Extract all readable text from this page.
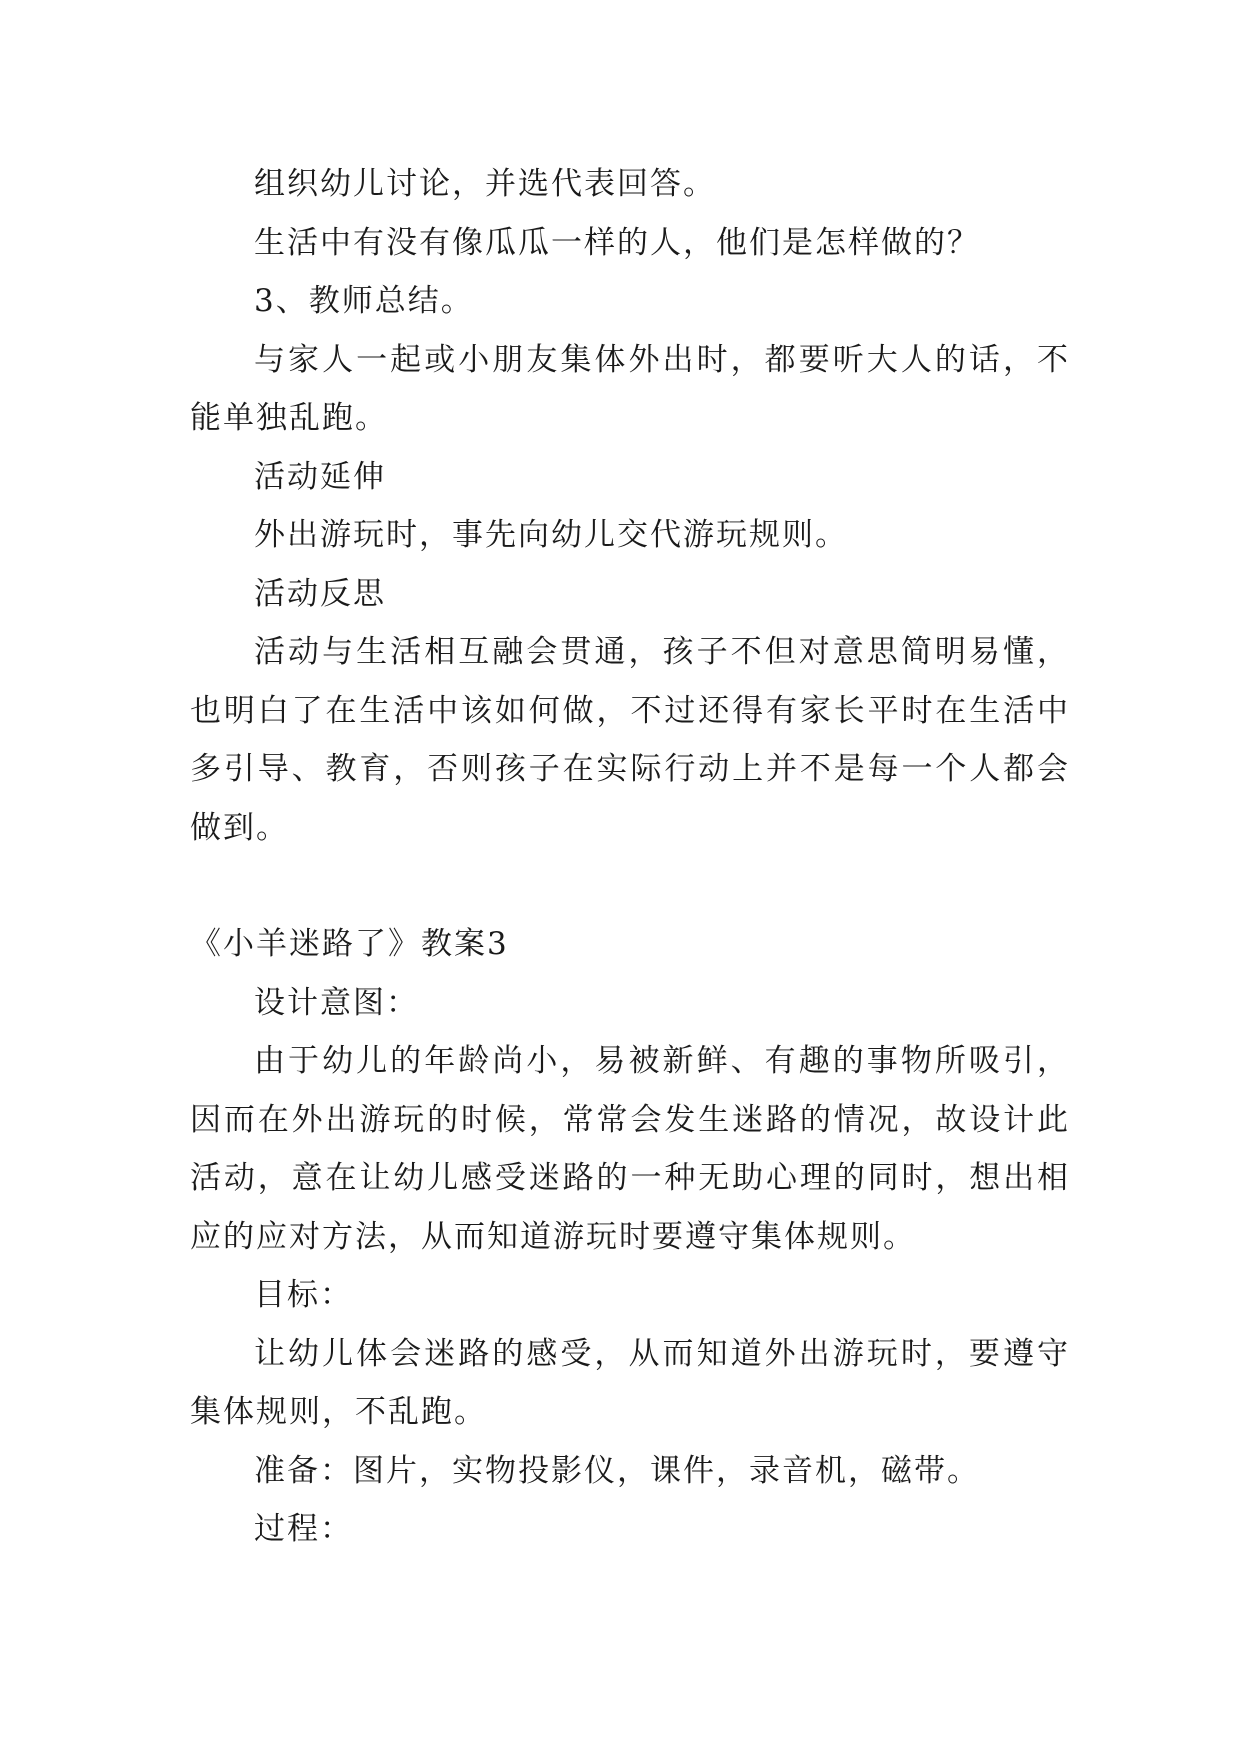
组织幼儿讨论，并选代表回答。

生活中有没有像瓜瓜一样的人，他们是怎样做的？

3、教师总结。

与家人一起或小朋友集体外出时，都要听大人的话，不能单独乱跑。

活动延伸

外出游玩时，事先向幼儿交代游玩规则。

活动反思

活动与生活相互融会贯通，孩子不但对意思简明易懂，也明白了在生活中该如何做，不过还得有家长平时在生活中多引导、教育，否则孩子在实际行动上并不是每一个人都会做到。

《小羊迷路了》教案3

设计意图：

由于幼儿的年龄尚小，易被新鲜、有趣的事物所吸引，因而在外出游玩的时候，常常会发生迷路的情况，故设计此活动，意在让幼儿感受迷路的一种无助心理的同时，想出相应的应对方法，从而知道游玩时要遵守集体规则。

目标：

让幼儿体会迷路的感受，从而知道外出游玩时，要遵守集体规则，不乱跑。

准备：图片，实物投影仪，课件，录音机，磁带。

过程：
